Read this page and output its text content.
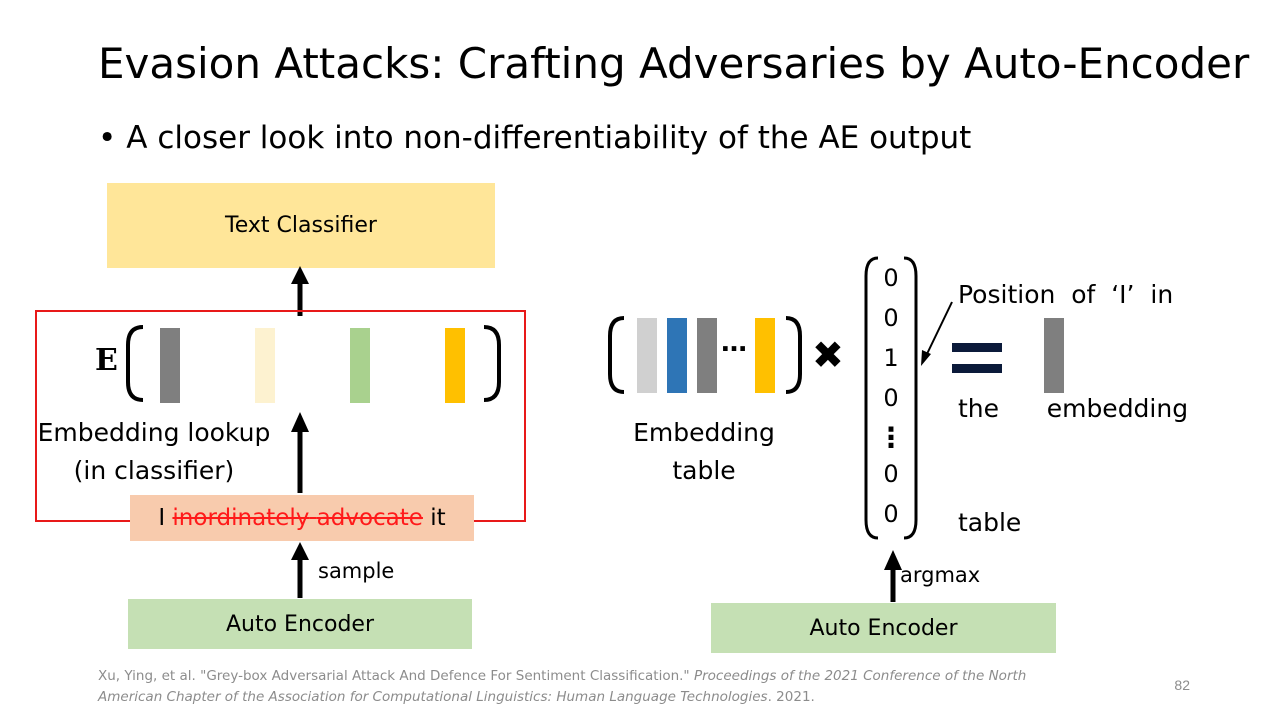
Evasion Attacks: Crafting Adversaries by Auto-Encoder
• A closer look into non-differentiability of the AE output
Text Classifier
E
Embedding lookup
(in classifier)
I
inordinately
advocate
it
sample
Auto Encoder
… ✖
0
0
1
0
⋮
0
0

Position  of  ‘I’  in

the      embedding

table

Embedding
table
argmax
Auto Encoder
Xu, Ying, et al. "Grey-box Adversarial Attack And Defence For Sentiment Classification." Proceedings of the 2021 Conference of the North American Chapter of the Association for Computational Linguistics: Human Language Technologies. 2021.
82
